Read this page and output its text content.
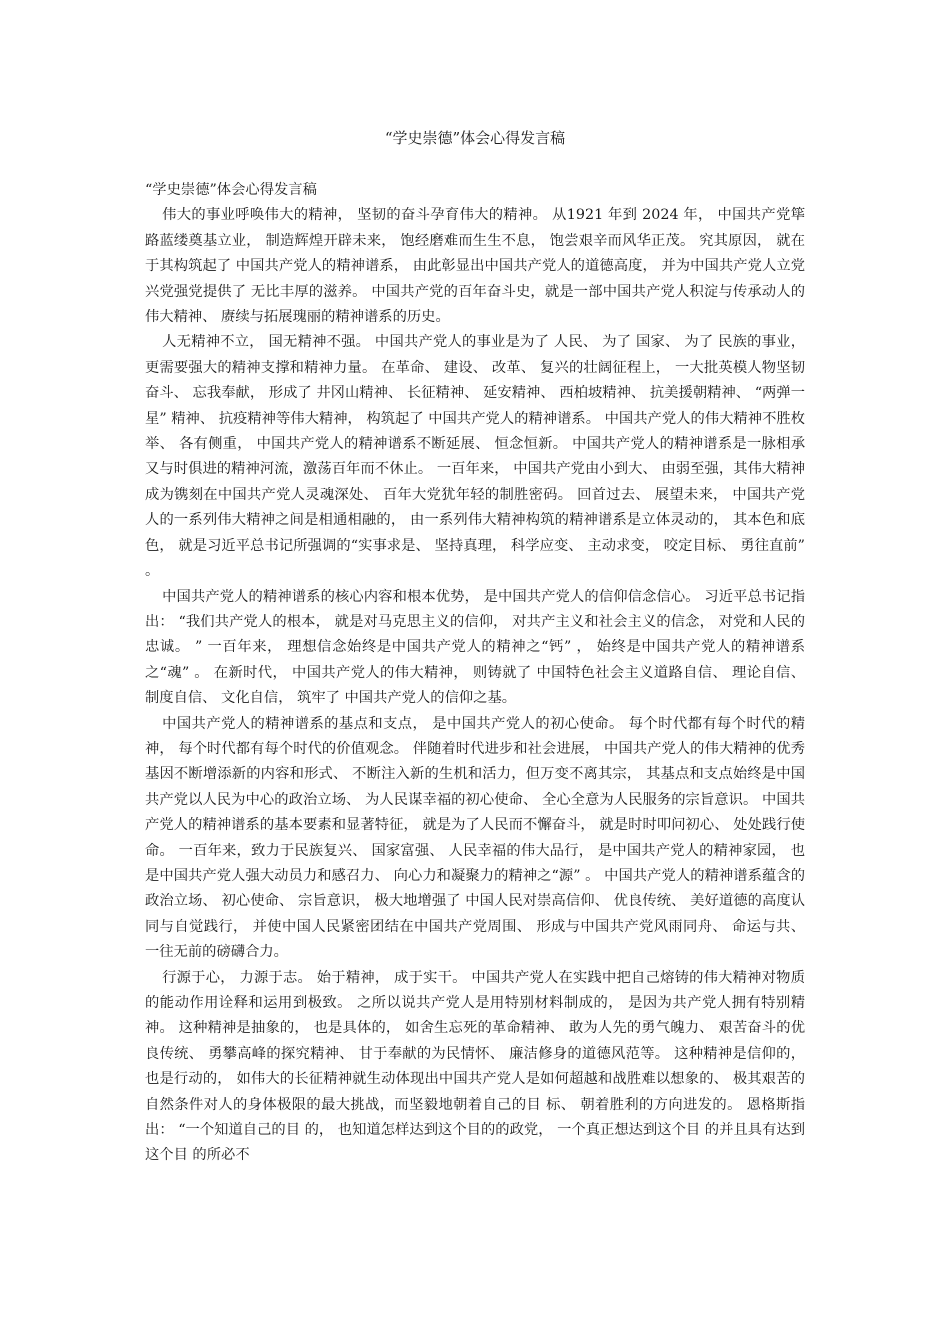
“学史崇德”体会心得发言稿

“学史崇德”体会心得发言稿

伟大的事业呼唤伟大的精神， 坚韧的奋斗孕育伟大的精神。 从1921 年到 2024 年， 中国共产党筚路蓝缕奠基立业， 制造辉煌开辟未来， 饱经磨难而生生不息， 饱尝艰辛而风华正茂。 究其原因， 就在于其构筑起了 中国共产党人的精神谱系， 由此彰显出中国共产党人的道德高度， 并为中国共产党人立党兴党强党提供了 无比丰厚的滋养。 中国共产党的百年奋斗史，就是一部中国共产党人积淀与传承动人的伟大精神、 赓续与拓展瑰丽的精神谱系的历史。

人无精神不立， 国无精神不强。 中国共产党人的事业是为了 人民、 为了 国家、 为了 民族的事业， 更需要强大的精神支撑和精神力量。 在革命、 建设、 改革、 复兴的壮阔征程上， 一大批英模人物坚韧奋斗、 忘我奉献， 形成了 井冈山精神、 长征精神、 延安精神、 西柏坡精神、 抗美援朝精神、 “两弹一星” 精神、 抗疫精神等伟大精神， 构筑起了 中国共产党人的精神谱系。 中国共产党人的伟大精神不胜枚举、 各有侧重， 中国共产党人的精神谱系不断延展、 恒念恒新。 中国共产党人的精神谱系是一脉相承又与时俱进的精神河流，激荡百年而不休止。 一百年来， 中国共产党由小到大、 由弱至强，其伟大精神成为镌刻在中国共产党人灵魂深处、 百年大党犹年轻的制胜密码。 回首过去、 展望未来， 中国共产党人的一系列伟大精神之间是相通相融的， 由一系列伟大精神构筑的精神谱系是立体灵动的， 其本色和底色， 就是习近平总书记所强调的“实事求是、 坚持真理， 科学应变、 主动求变， 咬定目标、 勇往直前” 。

中国共产党人的精神谱系的核心内容和根本优势， 是中国共产党人的信仰信念信心。 习近平总书记指出： “我们共产党人的根本， 就是对马克思主义的信仰， 对共产主义和社会主义的信念， 对党和人民的忠诚。 ” 一百年来， 理想信念始终是中国共产党人的精神之“钙” ， 始终是中国共产党人的精神谱系之“魂” 。 在新时代， 中国共产党人的伟大精神， 则铸就了 中国特色社会主义道路自信、 理论自信、 制度自信、 文化自信， 筑牢了 中国共产党人的信仰之基。

中国共产党人的精神谱系的基点和支点， 是中国共产党人的初心使命。 每个时代都有每个时代的精神， 每个时代都有每个时代的价值观念。 伴随着时代进步和社会进展， 中国共产党人的伟大精神的优秀基因不断增添新的内容和形式、 不断注入新的生机和活力，但万变不离其宗， 其基点和支点始终是中国共产党以人民为中心的政治立场、 为人民谋幸福的初心使命、 全心全意为人民服务的宗旨意识。 中国共产党人的精神谱系的基本要素和显著特征， 就是为了人民而不懈奋斗， 就是时时叩问初心、 处处践行使命。 一百年来，致力于民族复兴、 国家富强、 人民幸福的伟大品行， 是中国共产党人的精神家园， 也是中国共产党人强大动员力和感召力、 向心力和凝聚力的精神之“源” 。 中国共产党人的精神谱系蕴含的政治立场、 初心使命、 宗旨意识， 极大地增强了 中国人民对崇高信仰、 优良传统、 美好道德的高度认同与自觉践行， 并使中国人民紧密团结在中国共产党周围、 形成与中国共产党风雨同舟、 命运与共、 一往无前的磅礴合力。

行源于心， 力源于志。 始于精神， 成于实干。 中国共产党人在实践中把自己熔铸的伟大精神对物质的能动作用诠释和运用到极致。 之所以说共产党人是用特别材料制成的， 是因为共产党人拥有特别精神。 这种精神是抽象的， 也是具体的， 如舍生忘死的革命精神、 敢为人先的勇气魄力、 艰苦奋斗的优良传统、 勇攀高峰的探究精神、 甘于奉献的为民情怀、 廉洁修身的道德风范等。 这种精神是信仰的， 也是行动的， 如伟大的长征精神就生动体现出中国共产党人是如何超越和战胜难以想象的、 极其艰苦的自然条件对人的身体极限的最大挑战，而坚毅地朝着自己的目 标、 朝着胜利的方向进发的。 恩格斯指出： “一个知道自己的目 的， 也知道怎样达到这个目的的政党， 一个真正想达到这个目 的并且具有达到这个目 的所必不
